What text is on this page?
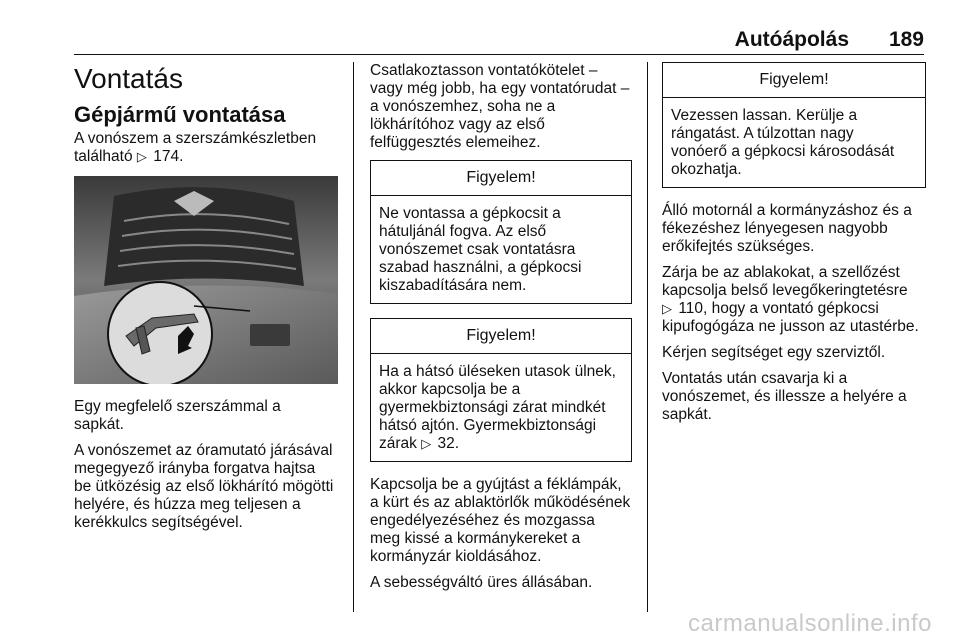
Autóápolás 189
Vontatás
Gépjármű vontatása

A vonószem a szerszámkészletben
található ▷ 174.

Egy megfelelő szerszámmal a
sapkát.

A vonószemet az óramutató járásával
megegyező irányba forgatva hajtsa
be ütközésig az első lökhárító mögötti
helyére, és húzza meg teljesen a
kerékkulcs segítségével.

Csatlakoztasson vontatókötelet –
vagy még jobb, ha egy vontatórudat –
a vonószemhez, soha ne a
lökhárítóhoz vagy az első
felfüggesztés elemeihez.

Figyelem!
Ne vontassa a gépkocsit a
hátuljánál fogva. Az első
vonószemet csak vontatásra
szabad használni, a gépkocsi
kiszabadítására nem.
Figyelem!
Ha a hátsó üléseken utasok ülnek,
akkor kapcsolja be a
gyermekbiztonsági zárat mindkét
hátsó ajtón. Gyermekbiztonsági
zárak ▷ 32.

Kapcsolja be a gyújtást a féklámpák,
a kürt és az ablaktörlők működésének
engedélyezéséhez és mozgassa
meg kissé a kormánykereket a
kormányzár kioldásához.

A sebességváltó üres állásában.

Figyelem!
Vezessen lassan. Kerülje a
rángatást. A túlzottan nagy
vonóerő a gépkocsi károsodását
okozhatja.

Álló motornál a kormányzáshoz és a
fékezéshez lényegesen nagyobb
erőkifejtés szükséges.

Zárja be az ablakokat, a szellőzést
kapcsolja belső levegőkeringtetésre
▷ 110, hogy a vontató gépkocsi
kipufogógáza ne jusson az utastérbe.

Kérjen segítséget egy szerviztől.

Vontatás után csavarja ki a
vonószemet, és illessze a helyére a
sapkát.

carmanualsonline.info
